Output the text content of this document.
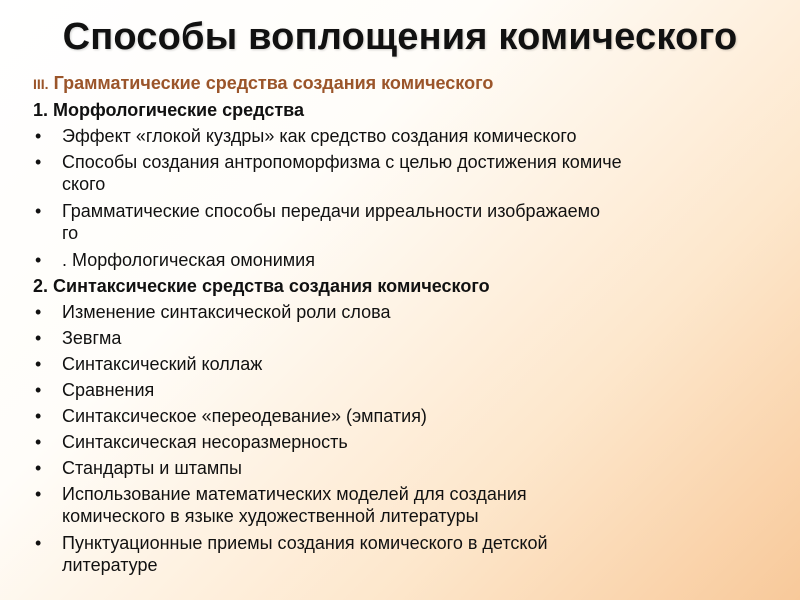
Способы воплощения комического
III. Грамматические средства создания комического
1. Морфологические средства
• Эффект «глокой куздры» как средство создания комического
• Способы создания антропоморфизма с целью достижения комиче
ского
• Грамматические способы передачи ирреальности изображаемо
го
• . Морфологическая омонимия
2. Синтаксические средства создания комического
• Изменение синтаксической роли слова
• Зевгма
• Синтаксический коллаж
• Сравнения
• Синтаксическое «переодевание» (эмпатия)
• Синтаксическая несоразмерность
• Стандарты и штампы
• Использование математических моделей для создания
комического в языке художественной литературы
• Пунктуационные приемы создания комического в детской
литературе
